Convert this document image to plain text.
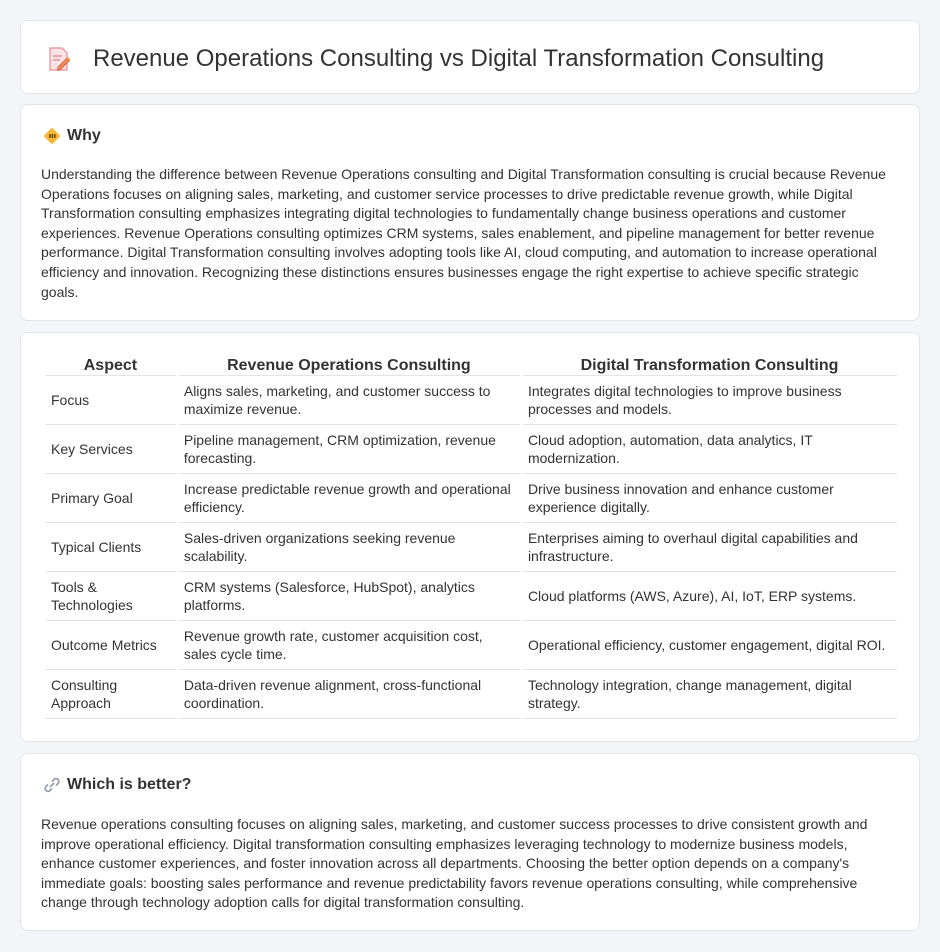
Revenue Operations Consulting vs Digital Transformation Consulting
Why

Understanding the difference between Revenue Operations consulting and Digital Transformation consulting is crucial because Revenue Operations focuses on aligning sales, marketing, and customer service processes to drive predictable revenue growth, while Digital Transformation consulting emphasizes integrating digital technologies to fundamentally change business operations and customer experiences. Revenue Operations consulting optimizes CRM systems, sales enablement, and pipeline management for better revenue performance. Digital Transformation consulting involves adopting tools like AI, cloud computing, and automation to increase operational efficiency and innovation. Recognizing these distinctions ensures businesses engage the right expertise to achieve specific strategic goals.

Aspect	Revenue Operations Consulting	Digital Transformation Consulting
Focus	Aligns sales, marketing, and customer success to maximize revenue.	Integrates digital technologies to improve business processes and models.
Key Services	Pipeline management, CRM optimization, revenue forecasting.	Cloud adoption, automation, data analytics, IT modernization.
Primary Goal	Increase predictable revenue growth and operational efficiency.	Drive business innovation and enhance customer experience digitally.
Typical Clients	Sales-driven organizations seeking revenue scalability.	Enterprises aiming to overhaul digital capabilities and infrastructure.
Tools & Technologies	CRM systems (Salesforce, HubSpot), analytics platforms.	Cloud platforms (AWS, Azure), AI, IoT, ERP systems.
Outcome Metrics	Revenue growth rate, customer acquisition cost, sales cycle time.	Operational efficiency, customer engagement, digital ROI.
Consulting Approach	Data-driven revenue alignment, cross-functional coordination.	Technology integration, change management, digital strategy.
Which is better?

Revenue operations consulting focuses on aligning sales, marketing, and customer success processes to drive consistent growth and improve operational efficiency. Digital transformation consulting emphasizes leveraging technology to modernize business models, enhance customer experiences, and foster innovation across all departments. Choosing the better option depends on a company's immediate goals: boosting sales performance and revenue predictability favors revenue operations consulting, while comprehensive change through technology adoption calls for digital transformation consulting.
